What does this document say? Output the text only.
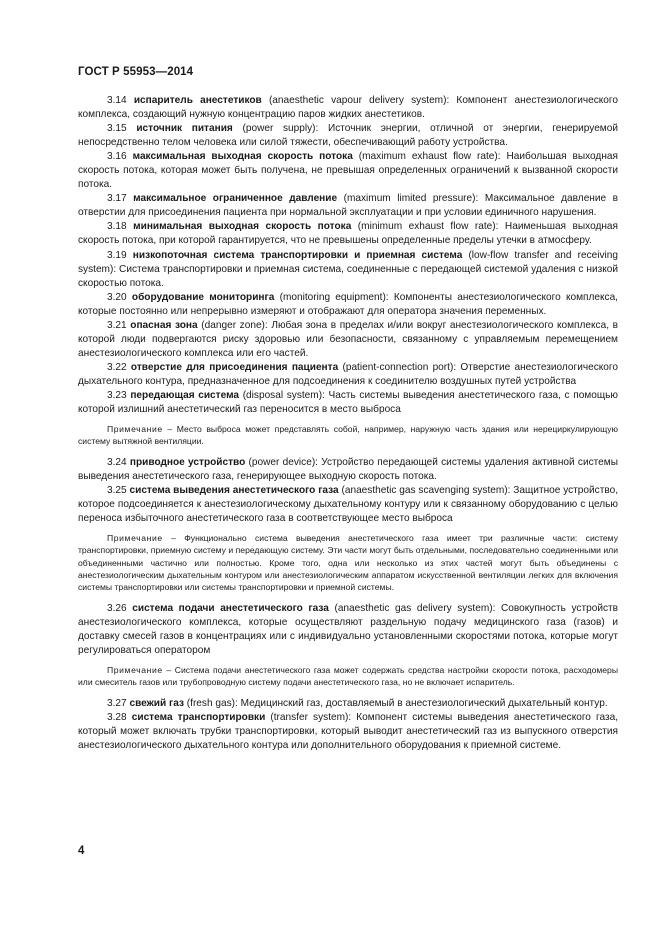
ГОСТ Р 55953—2014

3.14 испаритель анестетиков (anaesthetic vapour delivery system): Компонент анестезиологического комплекса, создающий нужную концентрацию паров жидких анестетиков.

3.15 источник питания (power supply): Источник энергии, отличной от энергии, генерируемой непосредственно телом человека или силой тяжести, обеспечивающий работу устройства.

3.16 максимальная выходная скорость потока (maximum exhaust flow rate): Наибольшая выходная скорость потока, которая может быть получена, не превышая определенных ограничений к вызванной скорости потока.

3.17 максимальное ограниченное давление (maximum limited pressure): Максимальное давление в отверстии для присоединения пациента при нормальной эксплуатации и при условии единичного нарушения.

3.18 минимальная выходная скорость потока (minimum exhaust flow rate): Наименьшая выходная скорость потока, при которой гарантируется, что не превышены определенные пределы утечки в атмосферу.

3.19 низкопоточная система транспортировки и приемная система (low-flow transfer and receiving system): Система транспортировки и приемная система, соединенные с передающей системой удаления с низкой скоростью потока.

3.20 оборудование мониторинга (monitoring equipment): Компоненты анестезиологического комплекса, которые постоянно или непрерывно измеряют и отображают для оператора значения переменных.

3.21 опасная зона (danger zone): Любая зона в пределах и/или вокруг анестезиологического комплекса, в которой люди подвергаются риску здоровью или безопасности, связанному с управляемым перемещением анестезиологического комплекса или его частей.

3.22 отверстие для присоединения пациента (patient-connection port): Отверстие анестезиологического дыхательного контура, предназначенное для подсоединения к соединителю воздушных путей устройства

3.23 передающая система (disposal system): Часть системы выведения анестетического газа, с помощью которой излишний анестетический газ переносится в место выброса

Примечание – Место выброса может представлять собой, например, наружную часть здания или нерециркулирующую систему вытяжной вентиляции.

3.24 приводное устройство (power device): Устройство передающей системы удаления активной системы выведения анестетического газа, генерирующее выходную скорость потока.

3.25 система выведения анестетического газа (anaesthetic gas scavenging system): Защитное устройство, которое подсоединяется к анестезиологическому дыхательному контуру или к связанному оборудованию с целью переноса избыточного анестетического газа в соответствующее место выброса

Примечание – Функционально система выведения анестетического газа имеет три различные части: систему транспортировки, приемную систему и передающую систему. Эти части могут быть отдельными, последовательно соединенными или объединенными частично или полностью. Кроме того, одна или несколько из этих частей могут быть объединены с анестезиологическим дыхательным контуром или анестезиологическим аппаратом искусственной вентиляции легких для включения системы транспортировки или системы транспортировки и приемной системы.

3.26 система подачи анестетического газа (anaesthetic gas delivery system): Совокупность устройств анестезиологического комплекса, которые осуществляют раздельную подачу медицинского газа (газов) и доставку смесей газов в концентрациях или с индивидуально установленными скоростями потока, которые могут регулироваться оператором

Примечание – Система подачи анестетического газа может содержать средства настройки скорости потока, расходомеры или смеситель газов или трубопроводную систему подачи анестетического газа, но не включает испаритель.

3.27 свежий газ (fresh gas): Медицинский газ, доставляемый в анестезиологический дыхательный контур.

3.28 система транспортировки (transfer system): Компонент системы выведения анестетического газа, который может включать трубки транспортировки, который выводит анестетический газ из выпускного отверстия анестезиологического дыхательного контура или дополнительного оборудования к приемной системе.

4
